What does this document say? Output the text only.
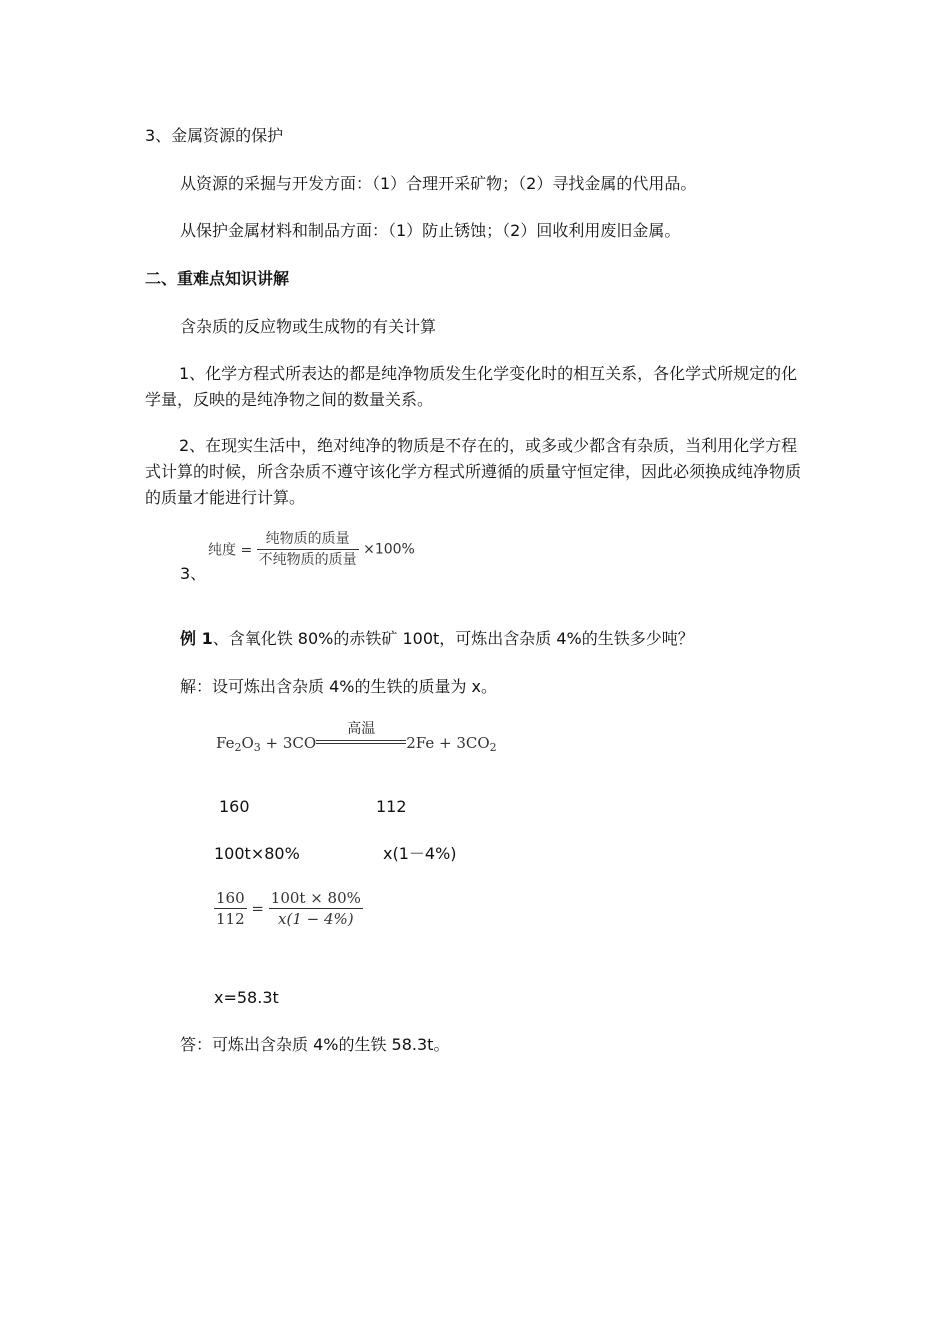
3、金属资源的保护
从资源的采掘与开发方面：（1）合理开采矿物；（2）寻找金属的代用品。
从保护金属材料和制品方面：（1）防止锈蚀；（2）回收利用废旧金属。
二、重难点知识讲解
含杂质的反应物或生成物的有关计算
1、化学方程式所表达的都是纯净物质发生化学变化时的相互关系，各化学式所规定的化学量，反映的是纯净物之间的数量关系。
2、在现实生活中，绝对纯净的物质是不存在的，或多或少都含有杂质，当利用化学方程式计算的时候，所含杂质不遵守该化学方程式所遵循的质量守恒定律，因此必须换成纯净物质的质量才能进行计算。
3、
纯度 = $\frac{\text{纯物质的质量}}{\text{不纯物质的质量}} \times 100\%$
例 1、含氧化铁 80%的赤铁矿 100t，可炼出含杂质 4%的生铁多少吨？
解：设可炼出含杂质 4%的生铁的质量为 x。
$Fe_2O_3 + 3CO$
高温
$2Fe + 3CO_2$
160	112
100t×80%	x(1－4%)
$\frac{160}{112} = \frac{100t \times 80\%}{x(1 - 4\%)}$
x=58.3t
答：可炼出含杂质 4%的生铁 58.3t。
